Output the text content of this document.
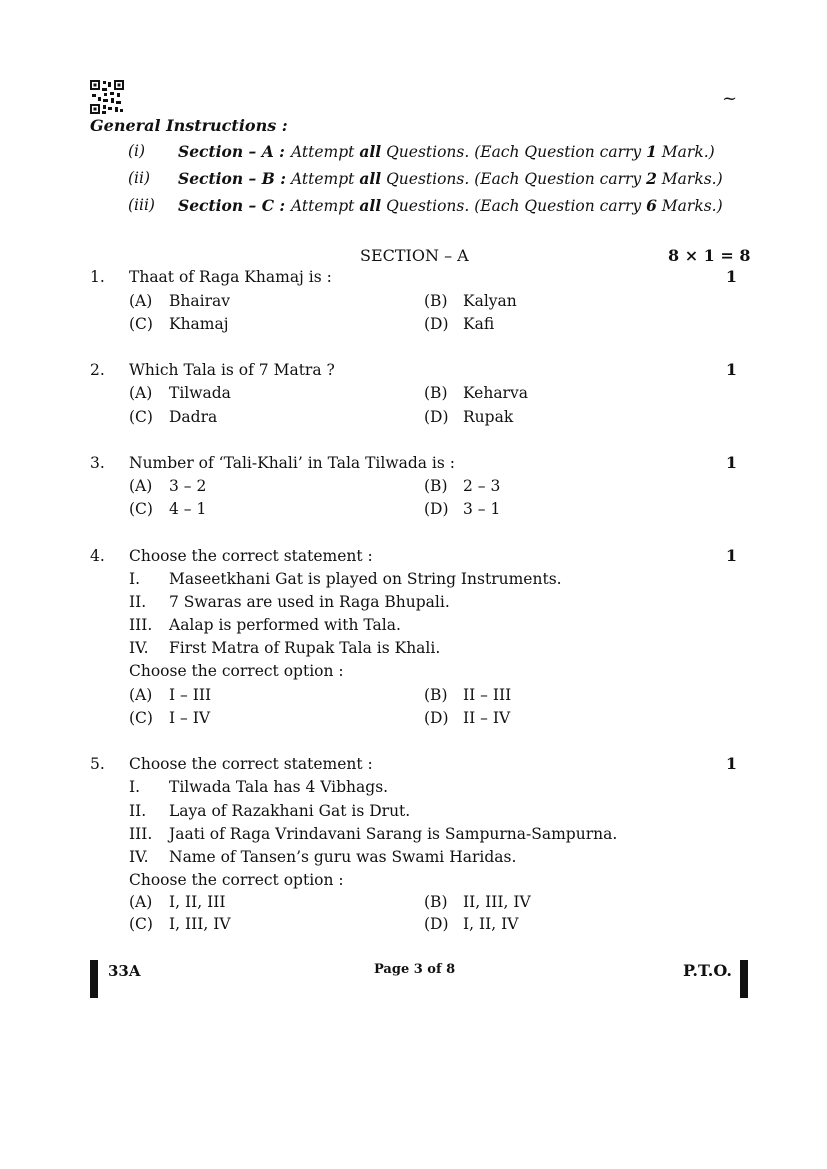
~
General Instructions :
(i) Section – A : Attempt all Questions. (Each Question carry 1 Mark.)
(ii) Section – B : Attempt all Questions. (Each Question carry 2 Marks.)
(iii) Section – C : Attempt all Questions. (Each Question carry 6 Marks.)
SECTION – A	8 × 1 = 8
1. Thaat of Raga Khamaj is :	1
(A) Bhairav	(B) Kalyan
(C) Khamaj	(D) Kafi
2. Which Tala is of 7 Matra ?	1
(A) Tilwada	(B) Keharva
(C) Dadra	(D) Rupak
3. Number of ‘Tali-Khali’ in Tala Tilwada is :	1
(A) 3 – 2	(B) 2 – 3
(C) 4 – 1	(D) 3 – 1
4. Choose the correct statement :	1
I. Maseetkhani Gat is played on String Instruments.
II. 7 Swaras are used in Raga Bhupali.
III. Aalap is performed with Tala.
IV. First Matra of Rupak Tala is Khali.
Choose the correct option :
(A) I – III	(B) II – III
(C) I – IV	(D) II – IV
5. Choose the correct statement :	1
I. Tilwada Tala has 4 Vibhags.
II. Laya of Razakhani Gat is Drut.
III. Jaati of Raga Vrindavani Sarang is Sampurna-Sampurna.
IV. Name of Tansen’s guru was Swami Haridas.
Choose the correct option :
(A) I, II, III	(B) II, III, IV
(C) I, III, IV	(D) I, II, IV
33A	Page 3 of 8	P.T.O.
